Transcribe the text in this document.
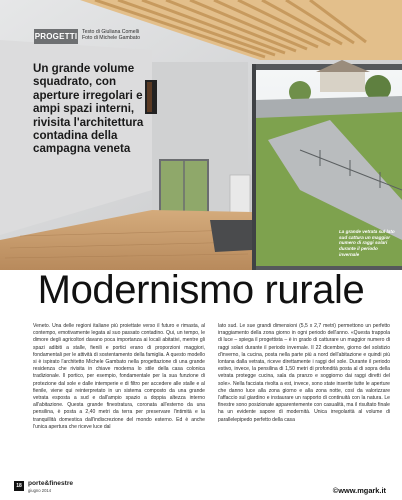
PROGETTI Testo di Giuliana Comelli
Foto di Michele Gambato
Un grande volume squadrato, con aperture irregolari e ampi spazi interni, rivisita l'architettura contadina della campagna veneta
La grande vetrata sul lato sud cattura un maggior numero di raggi solari durante il periodo invernale
Modernismo rurale

Veneto. Una delle regioni italiane più proiettate verso il futuro e rimasta, al contempo, emotivamente legata al suo passato contadino. Qui, un tempo, le dimore degli agricoltori davano poca importanza ai locali abitativi, mentre gli spazi adibiti a stalle, fienili e portici erano di proporzioni maggiori, fondamentali per le attività di sostentamento della famiglia. A questo modello si è ispirato l'architetto Michele Gambato nella progettazione di una grande residenza che rivisita in chiave moderna lo stile della casa colonica tradizionale. Il portico, per esempio, fondamentale per la sua funzione di protezione dal sole e dalle intemperie e di filtro per accedere alle stalle e al fienile, viene qui reinterpretato in un sistema composto da una grande vetrata esposta a sud e dall'ampio spazio a doppia altezza interno all'abitazione. Questa grande finestratura, coronata all'esterno da una pensilina, è posta a 2,40 metri da terra per preservare l'intimità e la tranquillità domestica dall'indiscrezione del mondo esterno. Ed è anche l'unica apertura che riceve luce dal

lato sud. Le sue grandi dimensioni (5,5 x 2,7 metri) permettono un perfetto irraggiamento della zona giorno in ogni periodo dell'anno. «Questa trappola di luce – spiega il progettista – è in grado di catturare un maggior numero di raggi solari durante il periodo invernale. Il 22 dicembre, giorno del solstizio d'inverno, la cucina, posta nella parte più a nord dell'abitazione e quindi più lontana dalla vetrata, riceve direttamente i raggi del sole. Durante il periodo estivo, invece, la pensilina di 1,50 metri di profondità posta al di sopra della vetrata protegge cucina, sala da pranzo e soggiorno dai raggi diretti del sole». Nella facciata rivolta a est, invece, sono state inserite tutte le aperture che danno luce alla zona giorno e alla zona notte, così da valorizzare l'affaccio sul giardino e instaurare un rapporto di continuità con la natura. Le finestre sono posizionate apparentemente con casualità, ma il risultato finale ha un evidente sapore di modernità. Unica irregolarità al volume di parallelepipedo perfetto della casa

18 porte&finestre
giugno 2014	©www.mgark.it
